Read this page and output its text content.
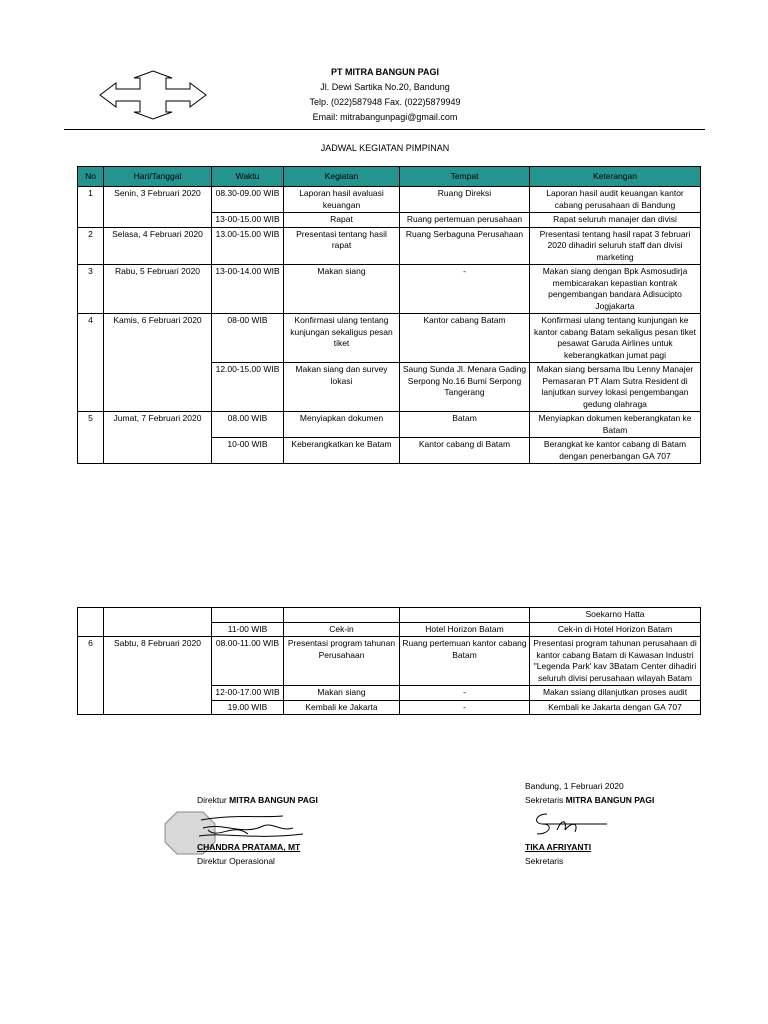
PT MITRA BANGUN PAGI
Jl. Dewi Sartika No.20, Bandung
Telp. (022)587948 Fax. (022)5879949
Email: mitrabangunpagi@gmail.com
JADWAL KEGIATAN PIMPINAN
No	Hari/Tanggal	Waktu	Kegiatan	Tempat	Keterangan
1	Senin, 3 Februari 2020	08.30-09.00 WIB	Laporan hasil avaluasi keuangan	Ruang Direksi	Laporan hasil audit keuangan kantor cabang perusahaan di Bandung
		13-00-15.00 WIB	Rapat	Ruang pertemuan perusahaan	Rapat seluruh manajer dan divisi
2	Selasa, 4 Februari 2020	13.00-15.00 WIB	Presentasi tentang hasil rapat	Ruang Serbaguna Perusahaan	Presentasi tentang hasil rapat 3 februari 2020 dihadiri seluruh staff dan divisi marketing
3	Rabu, 5 Februari 2020	13-00-14.00 WIB	Makan siang	-	Makan siang dengan Bpk Asmosudirja membicarakan kepastian kontrak pengembangan bandara Adisucipto Jogjakarta
4	Kamis, 6 Februari 2020	08-00 WIB	Konfirmasi ulang tentang kunjungan sekaligus pesan tiket	Kantor cabang Batam	Konfirmasi ulang tentang kunjungan ke kantor cabang Batam sekaligus pesan tiket pesawat Garuda Airlines untuk keberangkatkan jumat pagi
		12.00-15.00 WIB	Makan siang dan survey lokasi	Saung Sunda Jl. Menara Gading Serpong No.16 Bumi Serpong Tangerang	Makan siang bersama Ibu Lenny Manajer Pemasaran PT Alam Sutra Resident di lanjutkan survey lokasi pengembangan gedung olahraga
5	Jumat, 7 Februari 2020	08.00 WIB	Menyiapkan dokumen	Batam	Menyiapkan dokumen keberangkatan ke Batam
		10-00 WIB	Keberangkatkan ke Batam	Kantor cabang di Batam	Berangkat ke kantor cabang di Batam dengan penerbangan GA 707
					Soekarno Hatta
		11-00 WIB	Cek-in	Hotel Horizon Batam	Cek-in di Hotel Horizon Batam
6	Sabtu, 8 Februari 2020	08.00-11.00 WIB	Presentasi program tahunan Perusahaan	Ruang pertemuan kantor cabang Batam	Presentasi program tahunan perusahaan di kantor cabang Batam di Kawasan Industri "Legenda Park' kav 3Batam Center dihadiri seluruh divisi perusahaan wilayah Batam
		12-00-17.00 WIB	Makan siang	-	Makan ssiang dilanjutkan proses audit
		19.00 WIB	Kembali ke Jakarta	-	Kembali ke Jakarta dengan GA 707
Direktur MITRA BANGUN PAGI
CHANDRA PRATAMA, MT
Direktur Operasional
Bandung, 1 Februari 2020
Sekretaris MITRA BANGUN PAGI
TIKA AFRIYANTI
Sekretaris
